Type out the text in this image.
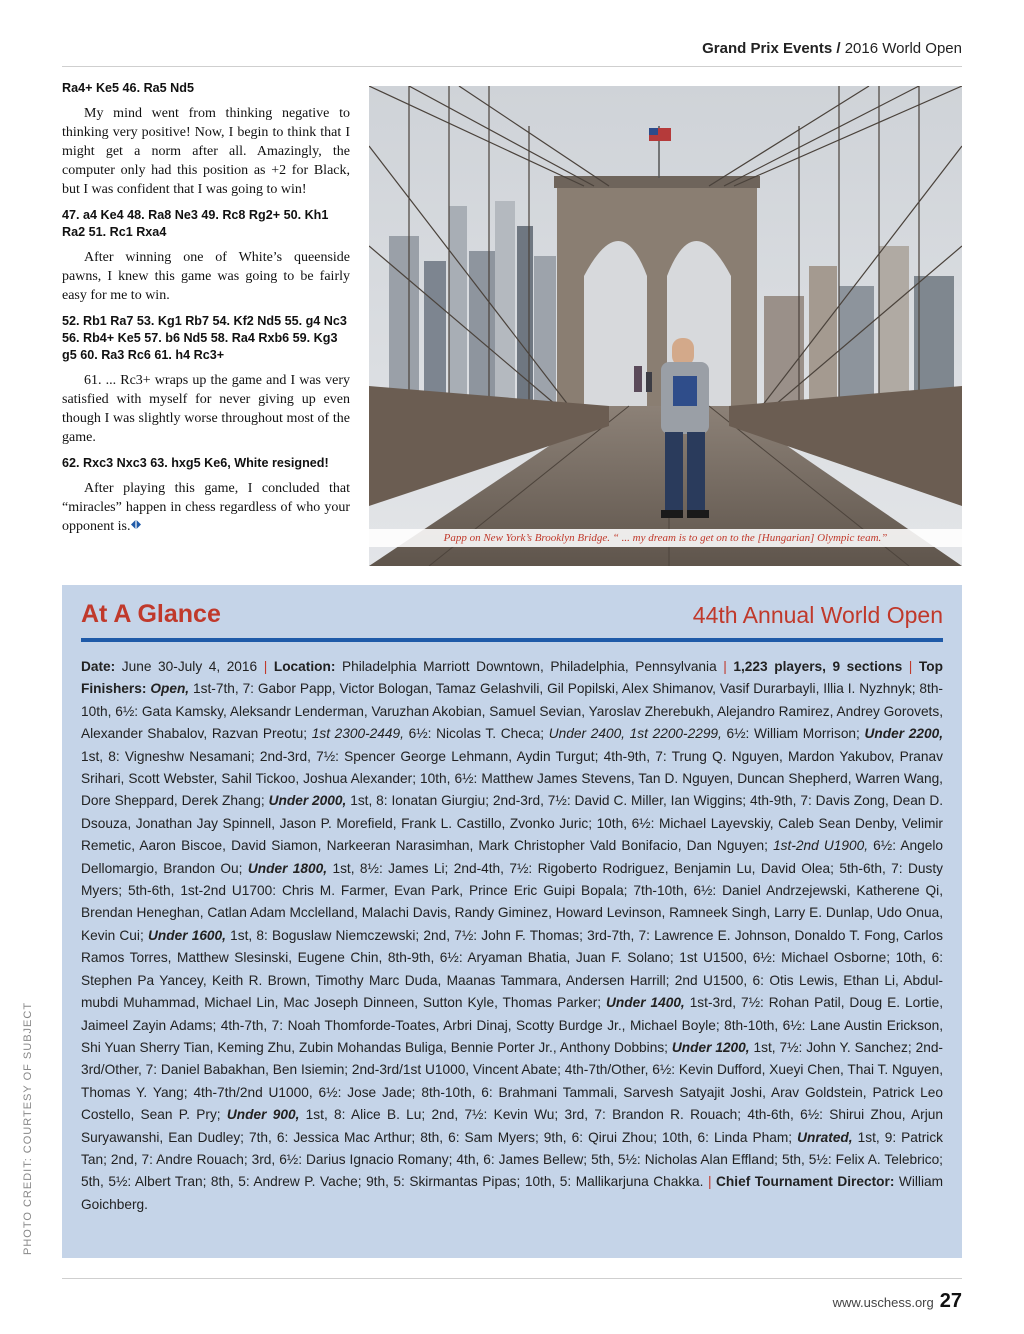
Grand Prix Events / 2016 World Open

Ra4+ Ke5 46. Ra5 Nd5

My mind went from thinking negative to thinking very positive! Now, I begin to think that I might get a norm after all. Amazingly, the computer only had this position as +2 for Black, but I was confident that I was going to win!

47. a4 Ke4 48. Ra8 Ne3 49. Rc8 Rg2+ 50. Kh1 Ra2 51. Rc1 Rxa4

After winning one of White’s queenside pawns, I knew this game was going to be fairly easy for me to win.

52. Rb1 Ra7 53. Kg1 Rb7 54. Kf2 Nd5 55. g4 Nc3 56. Rb4+ Ke5 57. b6 Nd5 58. Ra4 Rxb6 59. Kg3 g5 60. Ra3 Rc6 61. h4 Rc3+

61. ... Rc3+ wraps up the game and I was very satisfied with myself for never giving up even though I was slightly worse throughout most of the game.

62. Rxc3 Nxc3 63. hxg5 Ke6, White resigned!

After playing this game, I concluded that “miracles” happen in chess regardless of who your opponent is.

Papp on New York’s Brooklyn Bridge. “ ... my dream is to get on to the [Hungarian] Olympic team.”
At A Glance	44th Annual World Open
Date: June 30-July 4, 2016 | Location: Philadelphia Marriott Downtown, Philadelphia, Pennsylvania | 1,223 players, 9 sections | Top Finishers: Open, 1st-7th, 7: Gabor Papp, Victor Bologan, Tamaz Gelashvili, Gil Popilski, Alex Shimanov, Vasif Durarbayli, Illia I. Nyzhnyk; 8th-10th, 6½: Gata Kamsky, Aleksandr Lenderman, Varuzhan Akobian, Samuel Sevian, Yaroslav Zherebukh, Alejandro Ramirez, Andrey Gorovets, Alexander Shabalov, Razvan Preotu; 1st 2300-2449, 6½: Nicolas T. Checa; Under 2400, 1st 2200-2299, 6½: William Morrison; Under 2200, 1st, 8: Vigneshw Nesamani; 2nd-3rd, 7½: Spencer George Lehmann, Aydin Turgut; 4th-9th, 7: Trung Q. Nguyen, Mardon Yakubov, Pranav Srihari, Scott Webster, Sahil Tickoo, Joshua Alexander; 10th, 6½: Matthew James Stevens, Tan D. Nguyen, Duncan Shepherd, Warren Wang, Dore Sheppard, Derek Zhang; Under 2000, 1st, 8: Ionatan Giurgiu; 2nd-3rd, 7½: David C. Miller, Ian Wiggins; 4th-9th, 7: Davis Zong, Dean D. Dsouza, Jonathan Jay Spinnell, Jason P. Morefield, Frank L. Castillo, Zvonko Juric; 10th, 6½: Michael Layevskiy, Caleb Sean Denby, Velimir Remetic, Aaron Biscoe, David Siamon, Narkeeran Narasimhan, Mark Christopher Vald Bonifacio, Dan Nguyen; 1st-2nd U1900, 6½: Angelo Dellomargio, Brandon Ou; Under 1800, 1st, 8½: James Li; 2nd-4th, 7½: Rigoberto Rodriguez, Benjamin Lu, David Olea; 5th-6th, 7: Dusty Myers; 5th-6th, 1st-2nd U1700: Chris M. Farmer, Evan Park, Prince Eric Guipi Bopala; 7th-10th, 6½: Daniel Andrzejewski, Katherene Qi, Brendan Heneghan, Catlan Adam Mcclelland, Malachi Davis, Randy Giminez, Howard Levinson, Ramneek Singh, Larry E. Dunlap, Udo Onua, Kevin Cui; Under 1600, 1st, 8: Boguslaw Niemczewski; 2nd, 7½: John F. Thomas; 3rd-7th, 7: Lawrence E. Johnson, Donaldo T. Fong, Carlos Ramos Torres, Matthew Slesinski, Eugene Chin, 8th-9th, 6½: Aryaman Bhatia, Juan F. Solano; 1st U1500, 6½: Michael Osborne; 10th, 6: Stephen Pa Yancey, Keith R. Brown, Timothy Marc Duda, Maanas Tammara, Andersen Harrill; 2nd U1500, 6: Otis Lewis, Ethan Li, Abdul-mubdi Muhammad, Michael Lin, Mac Joseph Dinneen, Sutton Kyle, Thomas Parker; Under 1400, 1st-3rd, 7½: Rohan Patil, Doug E. Lortie, Jaimeel Zayin Adams; 4th-7th, 7: Noah Thomforde-Toates, Arbri Dinaj, Scotty Burdge Jr., Michael Boyle; 8th-10th, 6½: Lane Austin Erickson, Shi Yuan Sherry Tian, Keming Zhu, Zubin Mohandas Buliga, Bennie Porter Jr., Anthony Dobbins; Under 1200, 1st, 7½: John Y. Sanchez; 2nd-3rd/Other, 7: Daniel Babakhan, Ben Isiemin; 2nd-3rd/1st U1000, Vincent Abate; 4th-7th/Other, 6½: Kevin Dufford, Xueyi Chen, Thai T. Nguyen, Thomas Y. Yang; 4th-7th/2nd U1000, 6½: Jose Jade; 8th-10th, 6: Brahmani Tammali, Sarvesh Satyajit Joshi, Arav Goldstein, Patrick Leo Costello, Sean P. Pry; Under 900, 1st, 8: Alice B. Lu; 2nd, 7½: Kevin Wu; 3rd, 7: Brandon R. Rouach; 4th-6th, 6½: Shirui Zhou, Arjun Suryawanshi, Ean Dudley; 7th, 6: Jessica Mac Arthur; 8th, 6: Sam Myers; 9th, 6: Qirui Zhou; 10th, 6: Linda Pham; Unrated, 1st, 9: Patrick Tan; 2nd, 7: Andre Rouach; 3rd, 6½: Darius Ignacio Romany; 4th, 6: James Bellew; 5th, 5½: Nicholas Alan Effland; 5th, 5½: Felix A. Telebrico; 5th, 5½: Albert Tran; 8th, 5: Andrew P. Vache; 9th, 5: Skirmantas Pipas; 10th, 5: Mallikarjuna Chakka. | Chief Tournament Director: William Goichberg.
PHOTO CREDIT: COURTESY OF SUBJECT
www.uschess.org 27
